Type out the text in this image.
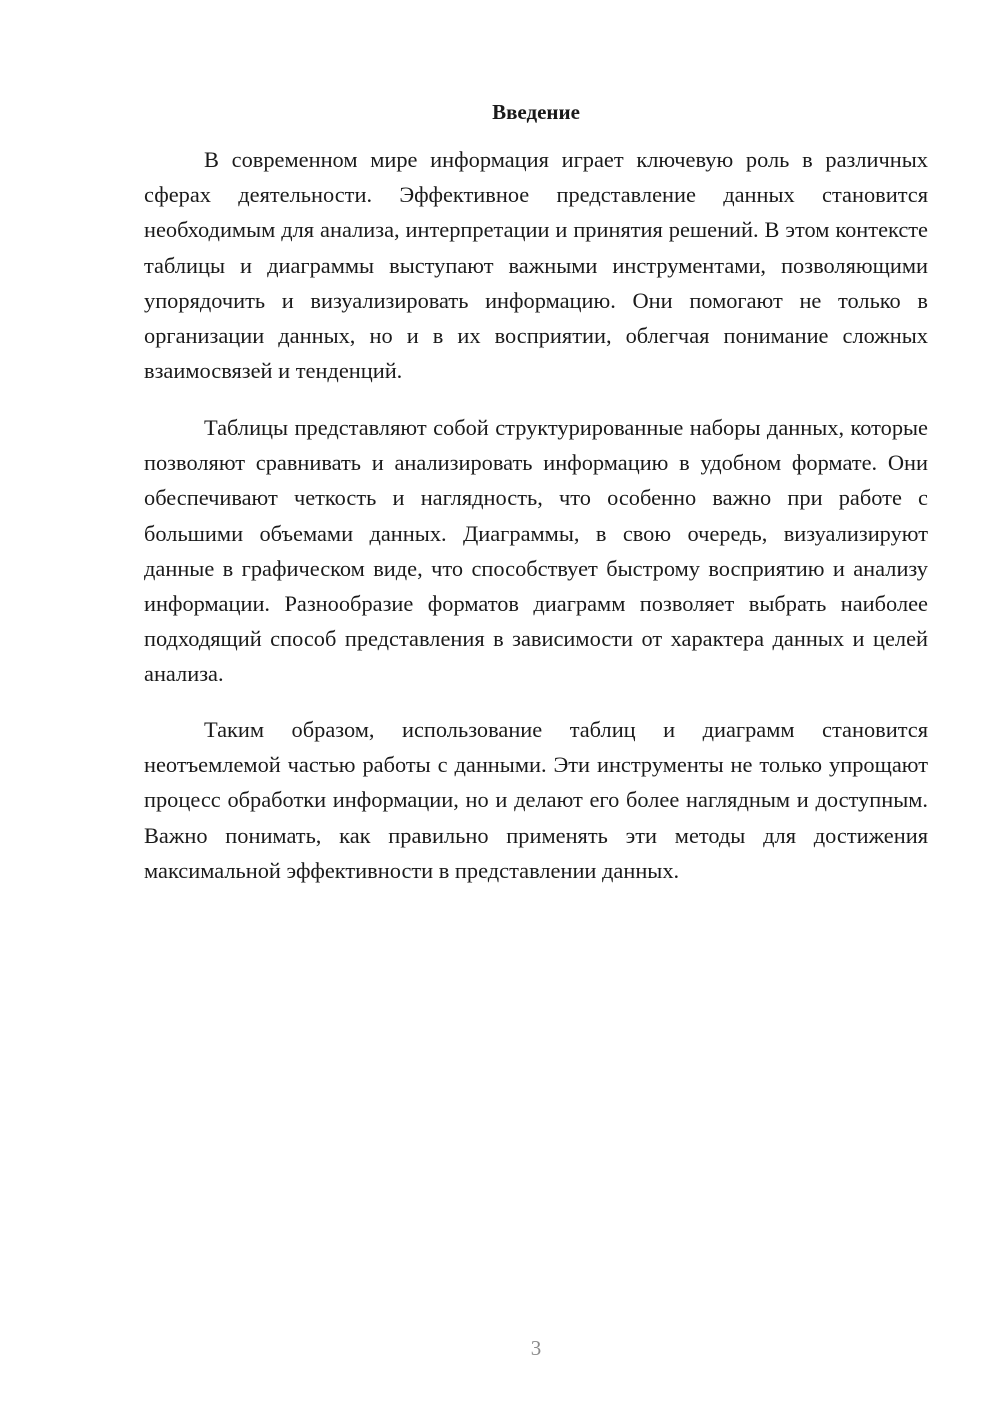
Введение

В современном мире информация играет ключевую роль в различных сферах деятельности. Эффективное представление данных становится необходимым для анализа, интерпретации и принятия решений. В этом контексте таблицы и диаграммы выступают важными инструментами, позволяющими упорядочить и визуализировать информацию. Они помогают не только в организации данных, но и в их восприятии, облегчая понимание сложных взаимосвязей и тенденций.

Таблицы представляют собой структурированные наборы данных, которые позволяют сравнивать и анализировать информацию в удобном формате. Они обеспечивают четкость и наглядность, что особенно важно при работе с большими объемами данных. Диаграммы, в свою очередь, визуализируют данные в графическом виде, что способствует быстрому восприятию и анализу информации. Разнообразие форматов диаграмм позволяет выбрать наиболее подходящий способ представления в зависимости от характера данных и целей анализа.

Таким образом, использование таблиц и диаграмм становится неотъемлемой частью работы с данными. Эти инструменты не только упрощают процесс обработки информации, но и делают его более наглядным и доступным. Важно понимать, как правильно применять эти методы для достижения максимальной эффективности в представлении данных.

3
